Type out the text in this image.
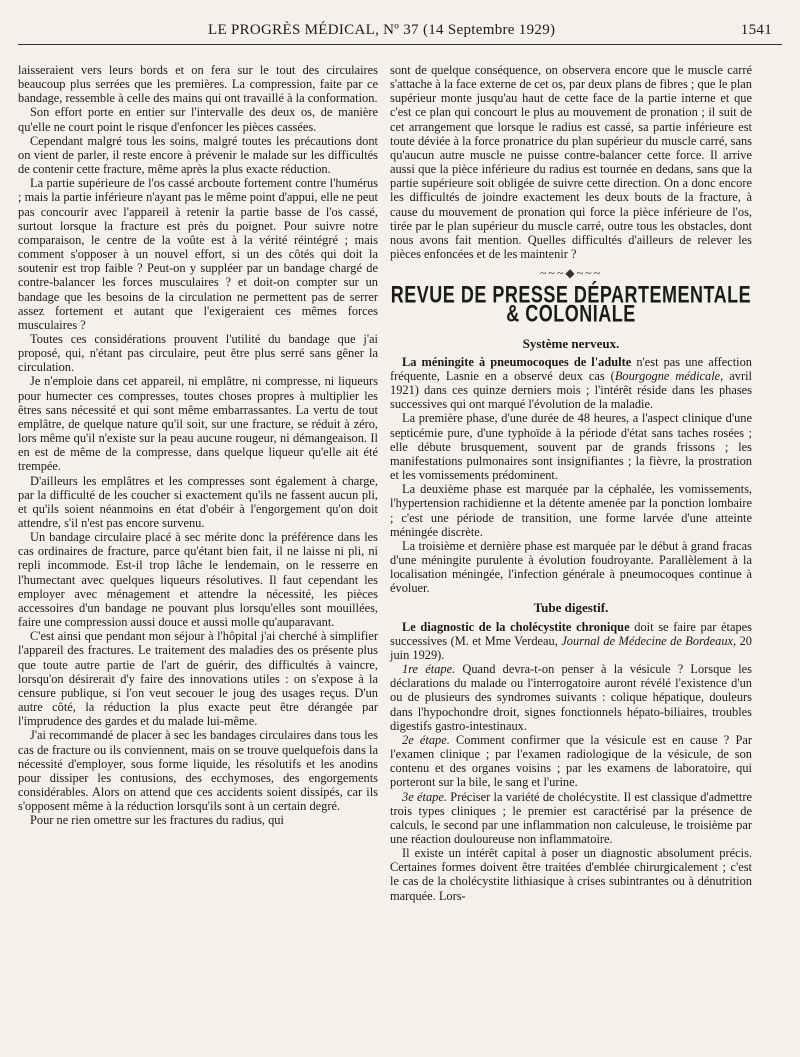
LE PROGRÈS MÉDICAL, Nº 37 (14 Septembre 1929)	1541

laisseraient vers leurs bords et on fera sur le tout des circulaires beaucoup plus serrées que les premières. La compression, faite par ce bandage, ressemble à celle des mains qui ont travaillé à la conformation.

Son effort porte en entier sur l'intervalle des deux os, de manière qu'elle ne court point le risque d'enfoncer les pièces cassées.

Cependant malgré tous les soins, malgré toutes les précautions dont on vient de parler, il reste encore à prévenir le malade sur les difficultés de contenir cette fracture, même après la plus exacte réduction.

La partie supérieure de l'os cassé arcboute fortement contre l'humérus ; mais la partie inférieure n'ayant pas le même point d'appui, elle ne peut pas concourir avec l'appareil à retenir la partie basse de l'os cassé, surtout lorsque la fracture est près du poignet. Pour suivre notre comparaison, le centre de la voûte est à la vérité réintégré ; mais comment s'opposer à un nouvel effort, si un des côtés qui doit la soutenir est trop faible ? Peut-on y suppléer par un bandage chargé de contre-balancer les forces musculaires ? et doit-on compter sur un bandage que les besoins de la circulation ne permettent pas de serrer assez fortement et autant que l'exigeraient ces mêmes forces musculaires ?

Toutes ces considérations prouvent l'utilité du bandage que j'ai proposé, qui, n'étant pas circulaire, peut être plus serré sans gêner la circulation.

Je n'emploie dans cet appareil, ni emplâtre, ni compresse, ni liqueurs pour humecter ces compresses, toutes choses propres à multiplier les êtres sans nécessité et qui sont même embarrassantes. La vertu de tout emplâtre, de quelque nature qu'il soit, sur une fracture, se réduit à zéro, lors même qu'il n'existe sur la peau aucune rougeur, ni démangeaison. Il en est de même de la compresse, dans quelque liqueur qu'elle ait été trempée.

D'ailleurs les emplâtres et les compresses sont également à charge, par la difficulté de les coucher si exactement qu'ils ne fassent aucun pli, et qu'ils soient néanmoins en état d'obéir à l'engorgement qu'on doit attendre, s'il n'est pas encore survenu.

Un bandage circulaire placé à sec mérite donc la préférence dans les cas ordinaires de fracture, parce qu'étant bien fait, il ne laisse ni pli, ni repli incommode. Est-il trop lâche le lendemain, on le resserre en l'humectant avec quelques liqueurs résolutives. Il faut cependant les employer avec ménagement et attendre la nécessité, les pièces accessoires d'un bandage ne pouvant plus lorsqu'elles sont mouillées, faire une compression aussi douce et aussi molle qu'auparavant.

C'est ainsi que pendant mon séjour à l'hôpital j'ai cherché à simplifier l'appareil des fractures. Le traitement des maladies des os présente plus que toute autre partie de l'art de guérir, des difficultés à vaincre, lorsqu'on désirerait d'y faire des innovations utiles : on s'expose à la censure publique, si l'on veut secouer le joug des usages reçus. D'un autre côté, la réduction la plus exacte peut être dérangée par l'imprudence des gardes et du malade lui-même.

J'ai recommandé de placer à sec les bandages circulaires dans tous les cas de fracture ou ils conviennent, mais on se trouve quelquefois dans la nécessité d'employer, sous forme liquide, les résolutifs et les anodins pour dissiper les contusions, des ecchymoses, des engorgements considérables. Alors on attend que ces accidents soient dissipés, car ils s'opposent même à la réduction lorsqu'ils sont à un certain degré.

Pour ne rien omettre sur les fractures du radius, qui

sont de quelque conséquence, on observera encore que le muscle carré s'attache à la face externe de cet os, par deux plans de fibres ; que le plan supérieur monte jusqu'au haut de cette face de la partie interne et que c'est ce plan qui concourt le plus au mouvement de pronation ; il suit de cet arrangement que lorsque le radius est cassé, sa partie inférieure est toute déviée à la force pronatrice du plan supérieur du muscle carré, sans qu'aucun autre muscle ne puisse contre-balancer cette force. Il arrive aussi que la pièce inférieure du radius est tournée en dedans, sans que la partie supérieure soit obligée de suivre cette direction. On a donc encore les difficultés de joindre exactement les deux bouts de la fracture, à cause du mouvement de pronation qui force la pièce inférieure de l'os, tirée par le plan supérieur du muscle carré, outre tous les obstacles, dont nous avons fait mention. Quelles difficultés d'ailleurs de relever les pièces enfoncées et de les maintenir ?

~~~◆~~~
REVUE DE PRESSE DÉPARTEMENTALE & COLONIALE
Système nerveux.

La méningite à pneumocoques de l'adulte n'est pas une affection fréquente, Lasnie en a observé deux cas (Bourgogne médicale, avril 1921) dans ces quinze derniers mois ; l'intérêt réside dans les phases successives qui ont marqué l'évolution de la maladie.

La première phase, d'une durée de 48 heures, a l'aspect clinique d'une septicémie pure, d'une typhoïde à la période d'état sans taches rosées ; elle débute brusquement, souvent par de grands frissons ; les manifestations pulmonaires sont insignifiantes ; la fièvre, la prostration et les vomissements prédominent.

La deuxième phase est marquée par la céphalée, les vomissements, l'hypertension rachidienne et la détente amenée par la ponction lombaire ; c'est une période de transition, une forme larvée d'une atteinte méningée discrète.

La troisième et dernière phase est marquée par le début à grand fracas d'une méningite purulente à évolution foudroyante. Parallèlement à la localisation méningée, l'infection générale à pneumocoques continue à évoluer.

Tube digestif.

Le diagnostic de la cholécystite chronique doit se faire par étapes successives (M. et Mme Verdeau, Journal de Médecine de Bordeaux, 20 juin 1929).

1re étape. Quand devra-t-on penser à la vésicule ? Lorsque les déclarations du malade ou l'interrogatoire auront révélé l'existence d'un ou de plusieurs des syndromes suivants : colique hépatique, douleurs dans l'hypochondre droit, signes fonctionnels hépato-biliaires, troubles digestifs gastro-intestinaux.

2e étape. Comment confirmer que la vésicule est en cause ? Par l'examen clinique ; par l'examen radiologique de la vésicule, de son contenu et des organes voisins ; par les examens de laboratoire, qui porteront sur la bile, le sang et l'urine.

3e étape. Préciser la variété de cholécystite. Il est classique d'admettre trois types cliniques ; le premier est caractérisé par la présence de calculs, le second par une inflammation non calculeuse, le troisième par une réaction douloureuse non inflammatoire.

Il existe un intérêt capital à poser un diagnostic absolument précis. Certaines formes doivent être traitées d'emblée chirurgicalement ; c'est le cas de la cholécystite lithiasique à crises subintrantes ou à dénutrition marquée. Lors-
